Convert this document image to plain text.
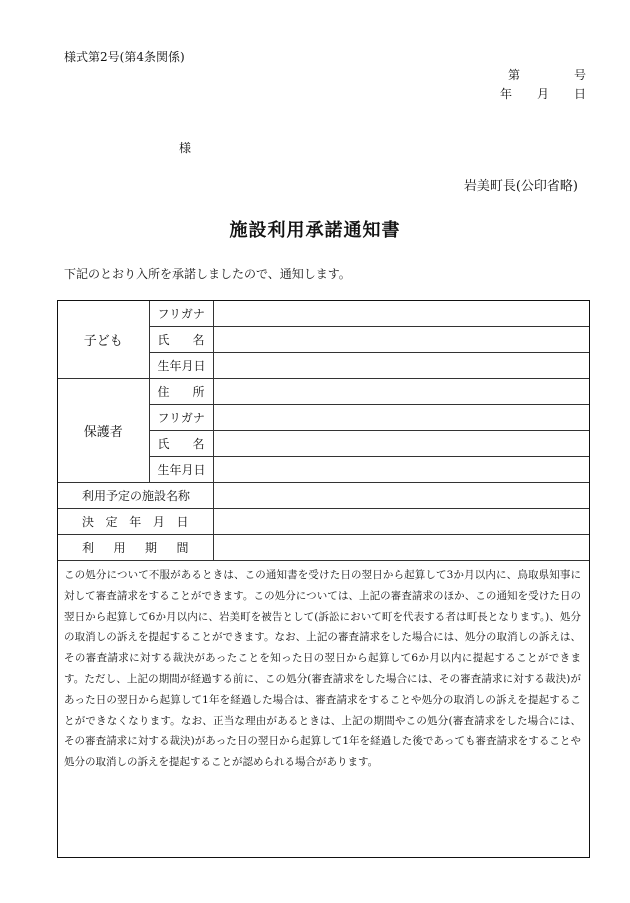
様式第2号(第4条関係)
第	号
年 月 日
様
岩美町長(公印省略)
施設利用承諾通知書
下記のとおり入所を承諾しましたので、通知します。
子ども	フリガナ	

	氏 名	

	生年月日	
保護者	住 所	

	フリガナ	

	氏 名	

	生年月日	

利用予定の施設名称		

決 定 年 月 日		

利 用 期 間		

この処分について不服があるときは、この通知書を受けた日の翌日から起算して3か月以内に、鳥取県知事に対して審査請求をすることができます。この処分については、上記の審査請求のほか、この通知を受けた日の翌日から起算して6か月以内に、岩美町を被告として(訴訟において町を代表する者は町長となります。)、処分の取消しの訴えを提起することができます。なお、上記の審査請求をした場合には、処分の取消しの訴えは、その審査請求に対する裁決があったことを知った日の翌日から起算して6か月以内に提起することができます。ただし、上記の期間が経過する前に、この処分(審査請求をした場合には、その審査請求に対する裁決)があった日の翌日から起算して1年を経過した場合は、審査請求をすることや処分の取消しの訴えを提起することができなくなります。なお、正当な理由があるときは、上記の期間やこの処分(審査請求をした場合には、その審査請求に対する裁決)があった日の翌日から起算して1年を経過した後であっても審査請求をすることや処分の取消しの訴えを提起することが認められる場合があります。
